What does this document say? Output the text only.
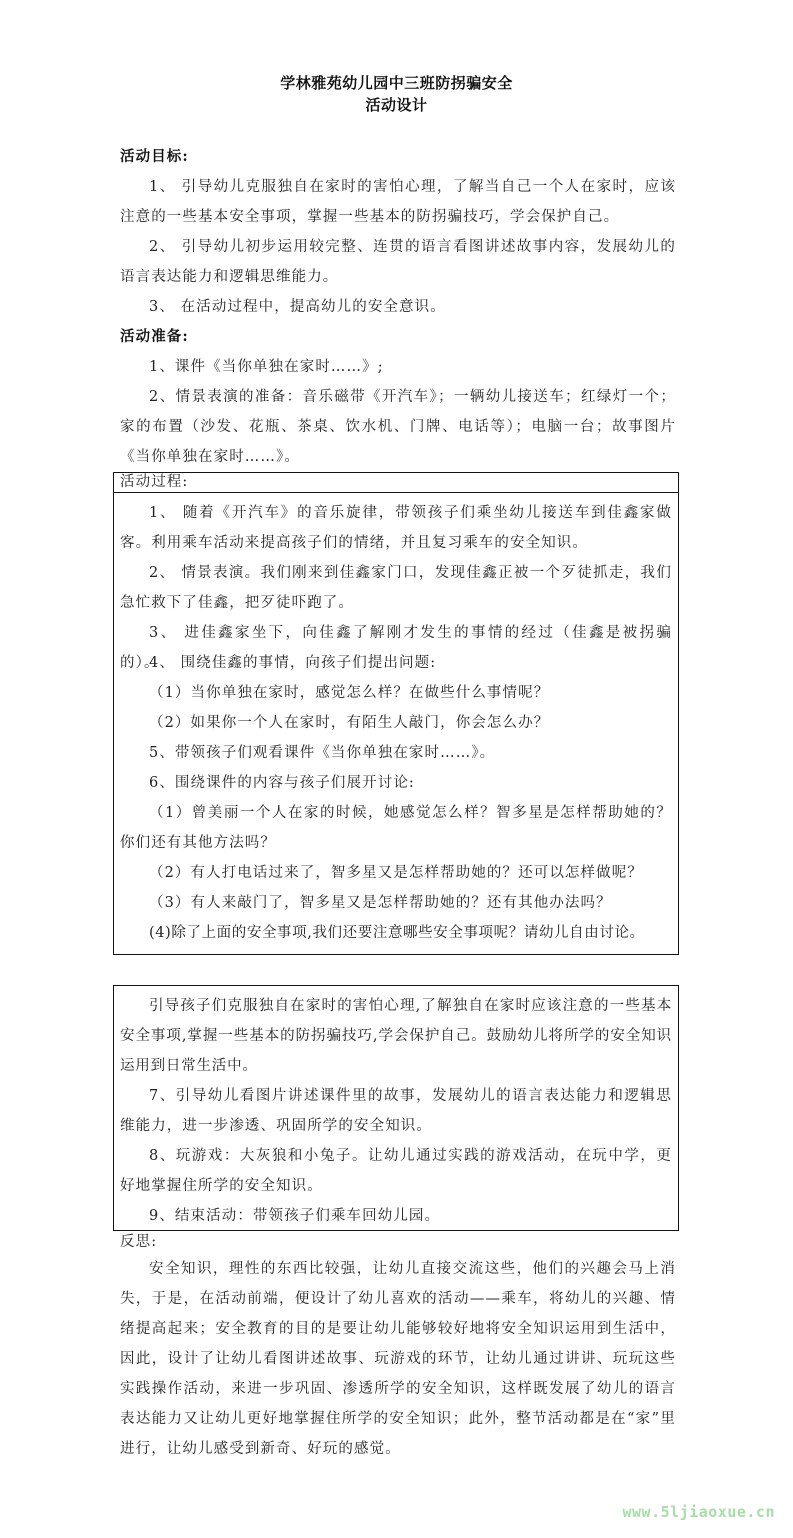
学林雅苑幼儿园中三班防拐骗安全
活动设计
活动目标:
1、 引导幼儿克服独自在家时的害怕心理，了解当自己一个人在家时，应该注意的一些基本安全事项，掌握一些基本的防拐骗技巧，学会保护自己。
2、 引导幼儿初步运用较完整、连贯的语言看图讲述故事内容，发展幼儿的语言表达能力和逻辑思维能力。
3、 在活动过程中，提高幼儿的安全意识。
活动准备:
1、课件《当你单独在家时……》;
2、情景表演的准备：音乐磁带《开汽车》；一辆幼儿接送车；红绿灯一个；家的布置（沙发、花瓶、茶桌、饮水机、门牌、电话等）；电脑一台；故事图片《当你单独在家时……》。
活动过程:
1、 随着《开汽车》的音乐旋律，带领孩子们乘坐幼儿接送车到佳鑫家做客。利用乘车活动来提高孩子们的情绪，并且复习乘车的安全知识。
2、 情景表演。我们刚来到佳鑫家门口，发现佳鑫正被一个歹徒抓走，我们急忙救下了佳鑫，把歹徒吓跑了。
3、 进佳鑫家坐下，向佳鑫了解刚才发生的事情的经过（佳鑫是被拐骗的）。
4、 围绕佳鑫的事情，向孩子们提出问题:
（1）当你单独在家时，感觉怎么样？在做些什么事情呢？
（2）如果你一个人在家时，有陌生人敲门，你会怎么办？
5、带领孩子们观看课件《当你单独在家时……》。
6、围绕课件的内容与孩子们展开讨论:
（1）曾美丽一个人在家的时候，她感觉怎么样？智多星是怎样帮助她的？你们还有其他方法吗？
（2）有人打电话过来了，智多星又是怎样帮助她的？还可以怎样做呢？
（3）有人来敲门了，智多星又是怎样帮助她的？还有其他办法吗？
(4)除了上面的安全事项,我们还要注意哪些安全事项呢？请幼儿自由讨论。
引导孩子们克服独自在家时的害怕心理,了解独自在家时应该注意的一些基本安全事项,掌握一些基本的防拐骗技巧,学会保护自己。鼓励幼儿将所学的安全知识运用到日常生活中。
7、引导幼儿看图片讲述课件里的故事，发展幼儿的语言表达能力和逻辑思维能力，进一步渗透、巩固所学的安全知识。
8、玩游戏：大灰狼和小兔子。让幼儿通过实践的游戏活动，在玩中学，更好地掌握住所学的安全知识。
9、结束活动：带领孩子们乘车回幼儿园。
反思:
安全知识，理性的东西比较强，让幼儿直接交流这些，他们的兴趣会马上消失，于是，在活动前端，便设计了幼儿喜欢的活动——乘车，将幼儿的兴趣、情绪提高起来；安全教育的目的是要让幼儿能够较好地将安全知识运用到生活中，因此，设计了让幼儿看图讲述故事、玩游戏的环节，让幼儿通过讲讲、玩玩这些实践操作活动，来进一步巩固、渗透所学的安全知识，这样既发展了幼儿的语言表达能力又让幼儿更好地掌握住所学的安全知识；此外，整节活动都是在“家”里进行，让幼儿感受到新奇、好玩的感觉。
www.5ljiaoxue.cn
